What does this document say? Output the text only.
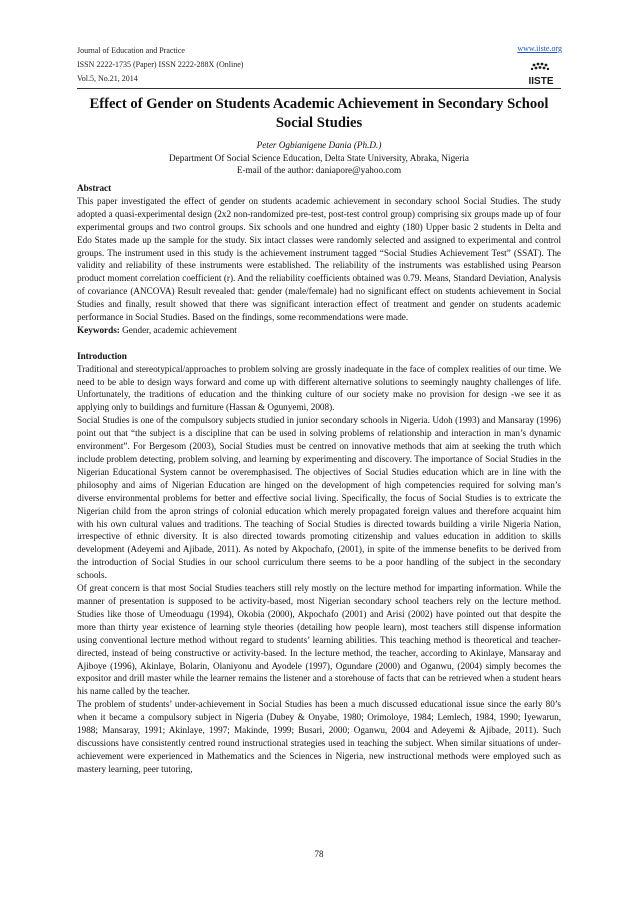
Journal of Education and Practice
ISSN 2222-1735 (Paper) ISSN 2222-288X (Online)
Vol.5, No.21, 2014
www.iiste.org
IISTE
Effect of Gender on Students Academic Achievement in Secondary School Social Studies
Peter Ogbianigene Dania (Ph.D.)
Department Of Social Science Education, Delta State University, Abraka, Nigeria
E-mail of the author: daniapore@yahoo.com

Abstract

This paper investigated the effect of gender on students academic achievement in secondary school Social Studies. The study adopted a quasi-experimental design (2x2 non-randomized pre-test, post-test control group) comprising six groups made up of four experimental groups and two control groups. Six schools and one hundred and eighty (180) Upper basic 2 students in Delta and Edo States made up the sample for the study. Six intact classes were randomly selected and assigned to experimental and control groups. The instrument used in this study is the achievement instrument tagged “Social Studies Achievement Test” (SSAT). The validity and reliability of these instruments were established. The reliability of the instruments was established using Pearson product moment correlation coefficient (r). And the reliability coefficients obtained was 0.79. Means, Standard Deviation, Analysis of covariance (ANCOVA) Result revealed that: gender (male/female) had no significant effect on students achievement in Social Studies and finally, result showed that there was significant interaction effect of treatment and gender on students academic performance in Social Studies. Based on the findings, some recommendations were made.

Keywords: Gender, academic achievement

Introduction

Traditional and stereotypical/approaches to problem solving are grossly inadequate in the face of complex realities of our time. We need to be able to design ways forward and come up with different alternative solutions to seemingly naughty challenges of life. Unfortunately, the traditions of education and the thinking culture of our society make no provision for design -we see it as applying only to buildings and furniture (Hassan & Ogunyemi, 2008).

Social Studies is one of the compulsory subjects studied in junior secondary schools in Nigeria. Udoh (1993) and Mansaray (1996) point out that “the subject is a discipline that can be used in solving problems of relationship and interaction in man’s dynamic environment”. For Bergesom (2003), Social Studies must be centred on innovative methods that aim at seeking the truth which include problem detecting, problem solving, and learning by experimenting and discovery. The importance of Social Studies in the Nigerian Educational System cannot be overemphasised. The objectives of Social Studies education which are in line with the philosophy and aims of Nigerian Education are hinged on the development of high competencies required for solving man’s diverse environmental problems for better and effective social living. Specifically, the focus of Social Studies is to extricate the Nigerian child from the apron strings of colonial education which merely propagated foreign values and therefore acquaint him with his own cultural values and traditions. The teaching of Social Studies is directed towards building a virile Nigeria Nation, irrespective of ethnic diversity. It is also directed towards promoting citizenship and values education in addition to skills development (Adeyemi and Ajibade, 2011). As noted by Akpochafo, (2001), in spite of the immense benefits to be derived from the introduction of Social Studies in our school curriculum there seems to be a poor handling of the subject in the secondary schools.

Of great concern is that most Social Studies teachers still rely mostly on the lecture method for imparting information. While the manner of presentation is supposed to be activity-based, most Nigerian secondary school teachers rely on the lecture method. Studies like those of Umeoduagu (1994), Okobia (2000), Akpochafo (2001) and Arisi (2002) have pointed out that despite the more than thirty year existence of learning style theories (detailing how people learn), most teachers still dispense information using conventional lecture method without regard to students’ learning abilities. This teaching method is theoretical and teacher-directed, instead of being constructive or activity-based. In the lecture method, the teacher, according to Akinlaye, Mansaray and Ajiboye (1996), Akinlaye, Bolarin, Olaniyonu and Ayodele (1997), Ogundare (2000) and Oganwu, (2004) simply becomes the expositor and drill master while the learner remains the listener and a storehouse of facts that can be retrieved when a student hears his name called by the teacher.

The problem of students’ under-achievement in Social Studies has been a much discussed educational issue since the early 80’s when it became a compulsory subject in Nigeria (Dubey & Onyabe, 1980; Orimoloye, 1984; Lemlech, 1984, 1990; Iyewarun, 1988; Mansaray, 1991; Akinlaye, 1997; Makinde, 1999; Busari, 2000; Oganwu, 2004 and Adeyemi & Ajibade, 2011). Such discussions have consistently centred round instructional strategies used in teaching the subject. When similar situations of under-achievement were experienced in Mathematics and the Sciences in Nigeria, new instructional methods were employed such as mastery learning, peer tutoring,

78
